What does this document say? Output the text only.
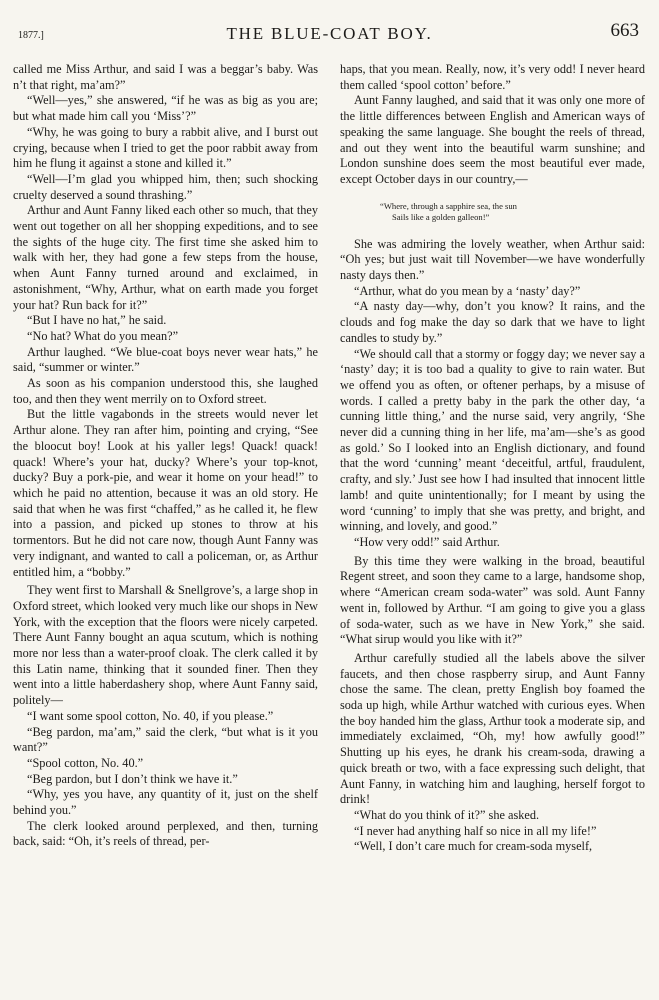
1877.]	THE BLUE-COAT BOY.	663

called me Miss Arthur, and said I was a beggar’s baby. Was n’t that right, ma’am?”

“Well—yes,” she answered, “if he was as big as you are; but what made him call you ‘Miss’?”

“Why, he was going to bury a rabbit alive, and I burst out crying, because when I tried to get the poor rabbit away from him he flung it against a stone and killed it.”

“Well—I’m glad you whipped him, then; such shocking cruelty deserved a sound thrashing.”

Arthur and Aunt Fanny liked each other so much, that they went out together on all her shopping expeditions, and to see the sights of the huge city. The first time she asked him to walk with her, they had gone a few steps from the house, when Aunt Fanny turned around and exclaimed, in astonishment, “Why, Arthur, what on earth made you forget your hat? Run back for it?”

“But I have no hat,” he said.

“No hat? What do you mean?”

Arthur laughed. “We blue-coat boys never wear hats,” he said, “summer or winter.”

As soon as his companion understood this, she laughed too, and then they went merrily on to Oxford street.

But the little vagabonds in the streets would never let Arthur alone. They ran after him, pointing and crying, “See the bloocut boy! Look at his yaller legs! Quack! quack! quack! Where’s your hat, ducky? Where’s your top-knot, ducky? Buy a pork-pie, and wear it home on your head!” to which he paid no attention, because it was an old story. He said that when he was first “chaffed,” as he called it, he flew into a passion, and picked up stones to throw at his tormentors. But he did not care now, though Aunt Fanny was very indignant, and wanted to call a policeman, or, as Arthur entitled him, a “bobby.”

They went first to Marshall & Snellgrove’s, a large shop in Oxford street, which looked very much like our shops in New York, with the exception that the floors were nicely carpeted. There Aunt Fanny bought an aqua scutum, which is nothing more nor less than a water-proof cloak. The clerk called it by this Latin name, thinking that it sounded finer. Then they went into a little haberdashery shop, where Aunt Fanny said, politely—

“I want some spool cotton, No. 40, if you please.”

“Beg pardon, ma’am,” said the clerk, “but what is it you want?”

“Spool cotton, No. 40.”

“Beg pardon, but I don’t think we have it.”

“Why, yes you have, any quantity of it, just on the shelf behind you.”

The clerk looked around perplexed, and then, turning back, said: “Oh, it’s reels of thread, per-

haps, that you mean. Really, now, it’s very odd! I never heard them called ‘spool cotton’ before.”

Aunt Fanny laughed, and said that it was only one more of the little differences between English and American ways of speaking the same language. She bought the reels of thread, and out they went into the beautiful warm sunshine; and London sunshine does seem the most beautiful ever made, except October days in our country,—

“Where, through a sapphire sea, the sun
Sails like a golden galleon!”

She was admiring the lovely weather, when Arthur said: “Oh yes; but just wait till November—we have wonderfully nasty days then.”

“Arthur, what do you mean by a ‘nasty’ day?”

“A nasty day—why, don’t you know? It rains, and the clouds and fog make the day so dark that we have to light candles to study by.”

“We should call that a stormy or foggy day; we never say a ‘nasty’ day; it is too bad a quality to give to rain water. But we offend you as often, or oftener perhaps, by a misuse of words. I called a pretty baby in the park the other day, ‘a cunning little thing,’ and the nurse said, very angrily, ‘She never did a cunning thing in her life, ma’am—she’s as good as gold.’ So I looked into an English dictionary, and found that the word ‘cunning’ meant ‘deceitful, artful, fraudulent, crafty, and sly.’ Just see how I had insulted that innocent little lamb! and quite unintentionally; for I meant by using the word ‘cunning’ to imply that she was pretty, and bright, and winning, and lovely, and good.”

“How very odd!” said Arthur.

By this time they were walking in the broad, beautiful Regent street, and soon they came to a large, handsome shop, where “American cream soda-water” was sold. Aunt Fanny went in, followed by Arthur. “I am going to give you a glass of soda-water, such as we have in New York,” she said. “What sirup would you like with it?”

Arthur carefully studied all the labels above the silver faucets, and then chose raspberry sirup, and Aunt Fanny chose the same. The clean, pretty English boy foamed the soda up high, while Arthur watched with curious eyes. When the boy handed him the glass, Arthur took a moderate sip, and immediately exclaimed, “Oh, my! how awfully good!” Shutting up his eyes, he drank his cream-soda, drawing a quick breath or two, with a face expressing such delight, that Aunt Fanny, in watching him and laughing, herself forgot to drink!

“What do you think of it?” she asked.

“I never had anything half so nice in all my life!”

“Well, I don’t care much for cream-soda myself,
